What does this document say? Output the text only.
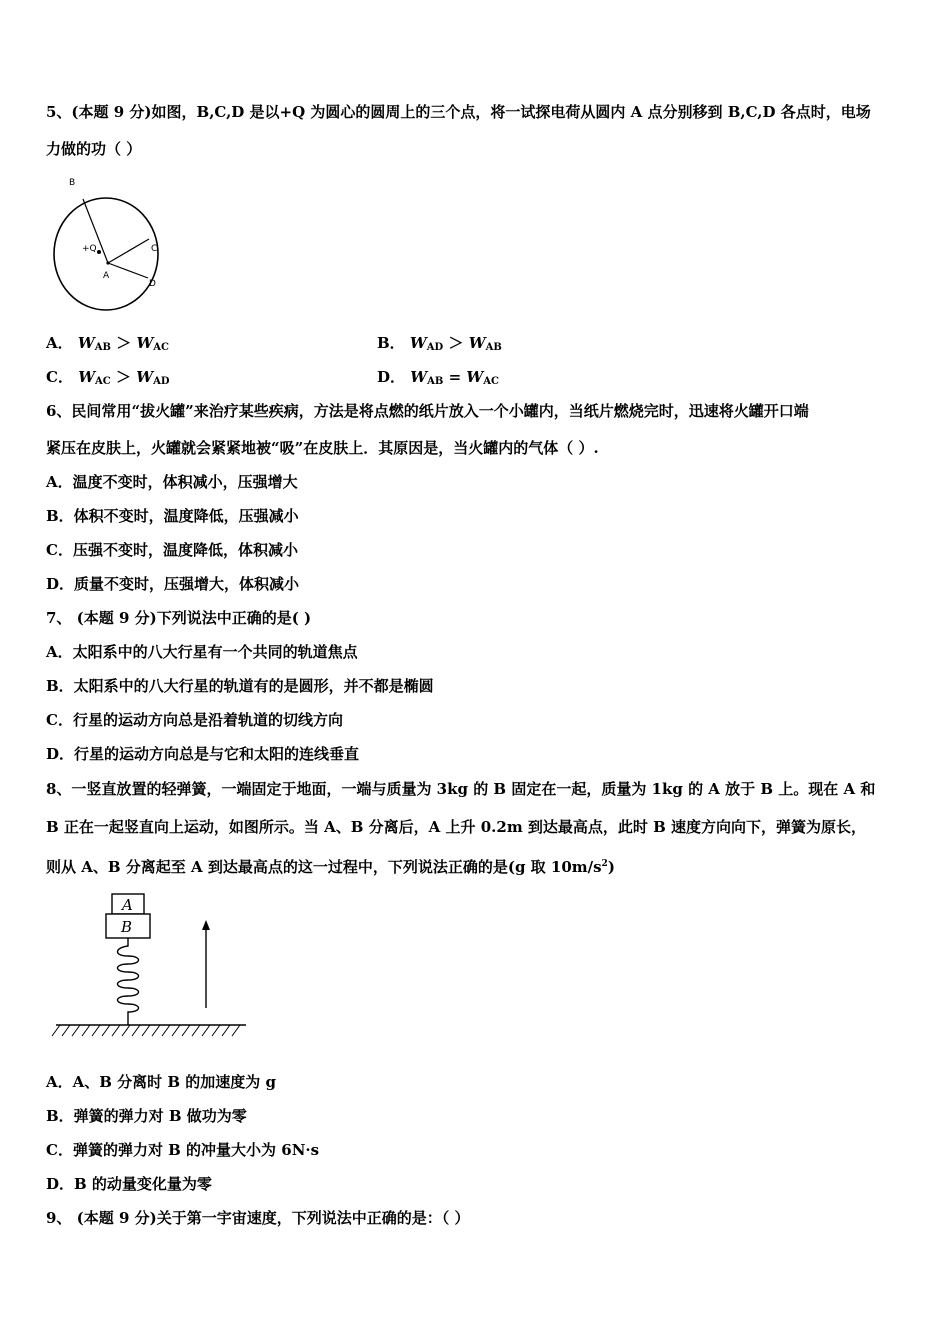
5、(本题 9 分)如图，B,C,D 是以+Q 为圆心的圆周上的三个点，将一试探电荷从圆内 A 点分别移到 B,C,D 各点时，电场
力做的功（ ）
B
+Q
A
C
D
A． $W_{AB} > W_{AC}$	B． $W_{AD} > W_{AB}$
C． $W_{AC} > W_{AD}$	D． $W_{AB} = W_{AC}$
6、民间常用“拔火罐”来治疗某些疾病，方法是将点燃的纸片放入一个小罐内，当纸片燃烧完时，迅速将火罐开口端
紧压在皮肤上，火罐就会紧紧地被“吸”在皮肤上．其原因是，当火罐内的气体（ ）.
A．温度不变时，体积减小，压强增大
B．体积不变时，温度降低，压强减小
C．压强不变时，温度降低，体积减小
D．质量不变时，压强增大，体积减小
7、 (本题 9 分)下列说法中正确的是( )
A．太阳系中的八大行星有一个共同的轨道焦点
B．太阳系中的八大行星的轨道有的是圆形，并不都是椭圆
C．行星的运动方向总是沿着轨道的切线方向
D．行星的运动方向总是与它和太阳的连线垂直
8、一竖直放置的轻弹簧，一端固定于地面，一端与质量为 3kg 的 B 固定在一起，质量为 1kg 的 A 放于 B 上。现在 A 和
B 正在一起竖直向上运动，如图所示。当 A、B 分离后，A 上升 0.2m 到达最高点，此时 B 速度方向向下，弹簧为原长，
则从 A、B 分离起至 A 到达最高点的这一过程中，下列说法正确的是(g 取 $10m/s^2$)
A
B
A．A、B 分离时 B 的加速度为 g
B．弹簧的弹力对 B 做功为零
C．弹簧的弹力对 B 的冲量大小为 6N·s
D．B 的动量变化量为零
9、 (本题 9 分)关于第一宇宙速度，下列说法中正确的是：（ ）
